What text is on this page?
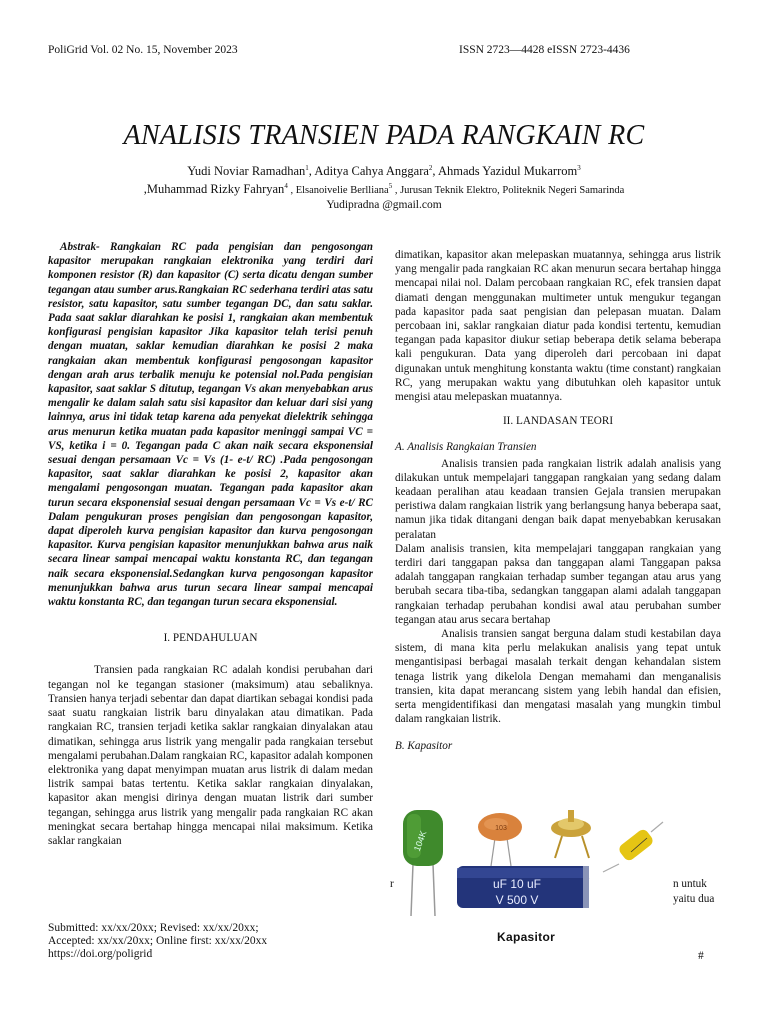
PoliGrid Vol. 02 No. 15, November 2023	ISSN 2723—4428 eISSN 2723-4436
ANALISIS TRANSIEN PADA RANGKAIN RC
Yudi Noviar Ramadhan$^1$, Aditya Cahya Anggara$^2$, Ahmads Yazidul Mukarrom$^3$
,Muhammad Rizky Fahryan$^4$ , Elsanoivelie Berlliana$^5$ , Jurusan Teknik Elektro, Politeknik Negeri Samarinda
Yudipradna @gmail.com

Abstrak- Rangkaian RC pada pengisian dan pengosongan kapasitor merupakan rangkaian elektronika yang terdiri dari komponen resistor (R) dan kapasitor (C) serta dicatu dengan sumber tegangan atau sumber arus.Rangkaian RC sederhana terdiri atas satu resistor, satu kapasitor, satu sumber tegangan DC, dan satu saklar. Pada saat saklar diarahkan ke posisi 1, rangkaian akan membentuk konfigurasi pengisian kapasitor Jika kapasitor telah terisi penuh dengan muatan, saklar kemudian diarahkan ke posisi 2 maka rangkaian akan membentuk konfigurasi pengosongan kapasitor dengan arah arus terbalik menuju ke potensial nol.Pada pengisian kapasitor, saat saklar S ditutup, tegangan Vs akan menyebabkan arus mengalir ke dalam salah satu sisi kapasitor dan keluar dari sisi yang lainnya, arus ini tidak tetap karena ada penyekat dielektrik sehingga arus menurun ketika muatan pada kapasitor meninggi sampai VC = VS, ketika i = 0. Tegangan pada C akan naik secara eksponensial sesuai dengan persamaan Vc = Vs (1- e-t/ RC) .Pada pengosongan kapasitor, saat saklar diarahkan ke posisi 2, kapasitor akan mengalami pengosongan muatan. Tegangan pada kapasitor akan turun secara eksponensial sesuai dengan persamaan Vc = Vs e-t/ RC Dalam pengukuran proses pengisian dan pengosongan kapasitor, dapat diperoleh kurva pengisian kapasitor dan kurva pengosongan kapasitor. Kurva pengisian kapasitor menunjukkan bahwa arus naik secara linear sampai mencapai waktu konstanta RC, dan tegangan naik secara eksponensial.Sedangkan kurva pengosongan kapasitor menunjukkan bahwa arus turun secara linear sampai mencapai waktu konstanta RC, dan tegangan turun secara eksponensial.

I. PENDAHULUAN

Transien pada rangkaian RC adalah kondisi perubahan dari tegangan nol ke tegangan stasioner (maksimum) atau sebaliknya. Transien hanya terjadi sebentar dan dapat diartikan sebagai kondisi pada saat suatu rangkaian listrik baru dinyalakan atau dimatikan. Pada rangkaian RC, transien terjadi ketika saklar rangkaian dinyalakan atau dimatikan, sehingga arus listrik yang mengalir pada rangkaian tersebut mengalami perubahan.Dalam rangkaian RC, kapasitor adalah komponen elektronika yang dapat menyimpan muatan arus listrik di dalam medan listrik sampai batas tertentu. Ketika saklar rangkaian dinyalakan, kapasitor akan mengisi dirinya dengan muatan listrik dari sumber tegangan, sehingga arus listrik yang mengalir pada rangkaian RC akan meningkat secara bertahap hingga mencapai nilai maksimum. Ketika saklar rangkaian

dimatikan, kapasitor akan melepaskan muatannya, sehingga arus listrik yang mengalir pada rangkaian RC akan menurun secara bertahap hingga mencapai nilai nol. Dalam percobaan rangkaian RC, efek transien dapat diamati dengan menggunakan multimeter untuk mengukur tegangan pada kapasitor pada saat pengisian dan pelepasan muatan. Dalam percobaan ini, saklar rangkaian diatur pada kondisi tertentu, kemudian tegangan pada kapasitor diukur setiap beberapa detik selama beberapa kali pengukuran. Data yang diperoleh dari percobaan ini dapat digunakan untuk menghitung konstanta waktu (time constant) rangkaian RC, yang merupakan waktu yang dibutuhkan oleh kapasitor untuk mengisi atau melepaskan muatannya.

II. LANDASAN TEORI
A. Analisis Rangkaian Transien

Analisis transien pada rangkaian listrik adalah analisis yang dilakukan untuk mempelajari tanggapan rangkaian yang sedang dalam keadaan peralihan atau keadaan transien Gejala transien merupakan peristiwa dalam rangkaian listrik yang berlangsung hanya beberapa saat, namun jika tidak ditangani dengan baik dapat menyebabkan kerusakan peralatan

Dalam analisis transien, kita mempelajari tanggapan rangkaian yang terdiri dari tanggapan paksa dan tanggapan alami Tanggapan paksa adalah tanggapan rangkaian terhadap sumber tegangan atau arus yang berubah secara tiba-tiba, sedangkan tanggapan alami adalah tanggapan rangkaian terhadap perubahan kondisi awal atau perubahan sumber tegangan atau arus secara bertahap

Analisis transien sangat berguna dalam studi kestabilan daya sistem, di mana kita perlu melakukan analisis yang tepat untuk mengantisipasi berbagai masalah terkait dengan kehandalan sistem tenaga listrik yang dikelola Dengan memahami dan menganalisis transien, kita dapat merancang sistem yang lebih handal dan efisien, serta mengidentifikasi dan mengatasi masalah yang mungkin timbul dalam rangkaian listrik.

B. Kapasitor
r	n untuk
yaitu dua
104K
103
uF 10 uF
V 500 V
Kapasitor
Submitted: xx/xx/20xx; Revised: xx/xx/20xx;
Accepted: xx/xx/20xx; Online first: xx/xx/20xx
https://doi.org/poligrid	#
